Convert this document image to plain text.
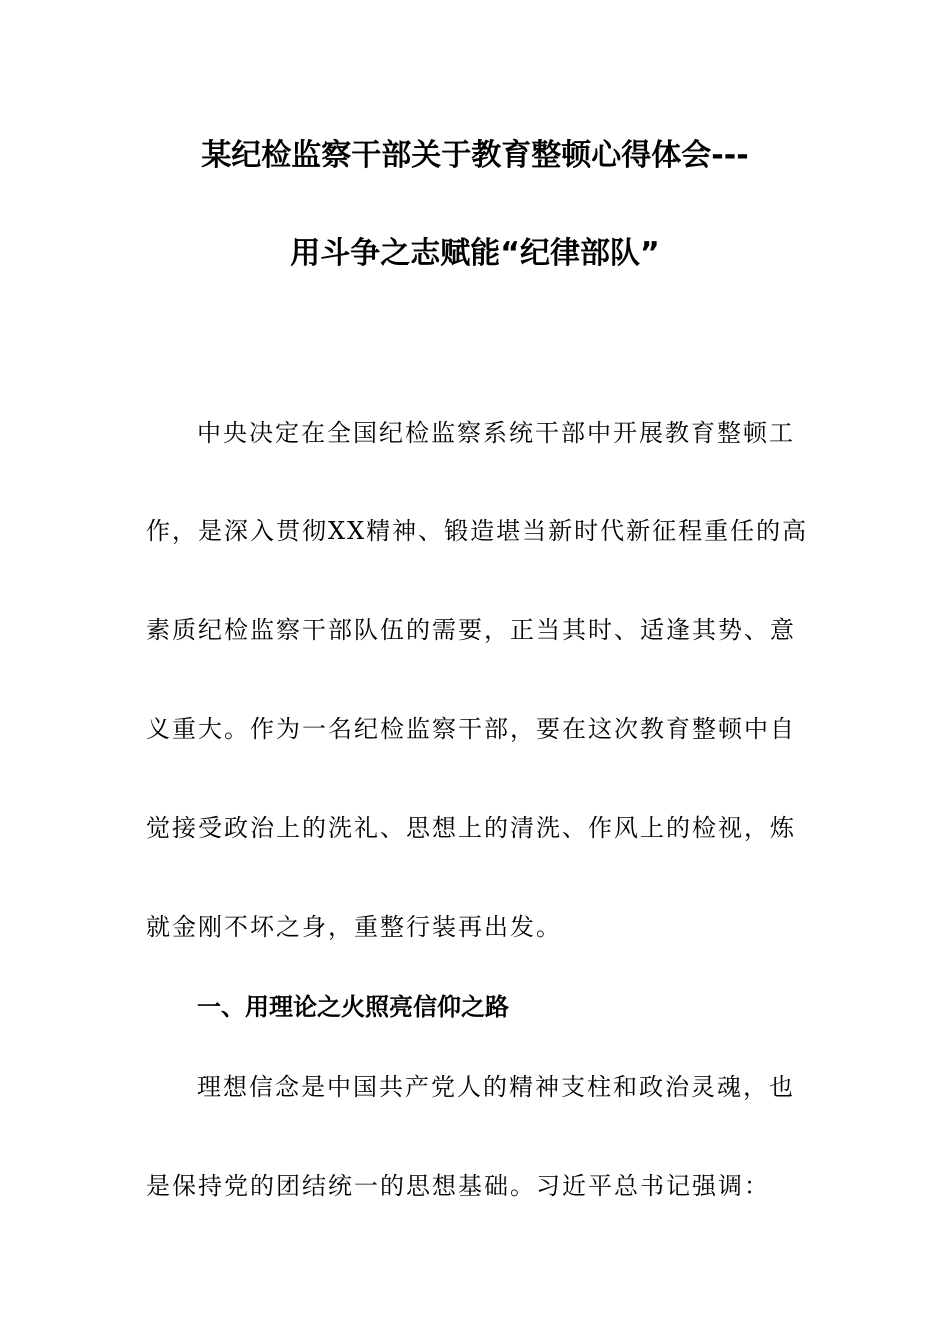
某纪检监察干部关于教育整顿心得体会---
用斗争之志赋能“纪律部队”
中央决定在全国纪检监察系统干部中开展教育整顿工
作，是深入贯彻XX精神、锻造堪当新时代新征程重任的高
素质纪检监察干部队伍的需要，正当其时、适逢其势、意
义重大。作为一名纪检监察干部，要在这次教育整顿中自
觉接受政治上的洗礼、思想上的清洗、作风上的检视，炼
就金刚不坏之身，重整行装再出发。
一、用理论之火照亮信仰之路
理想信念是中国共产党人的精神支柱和政治灵魂，也
是保持党的团结统一的思想基础。习近平总书记强调：
